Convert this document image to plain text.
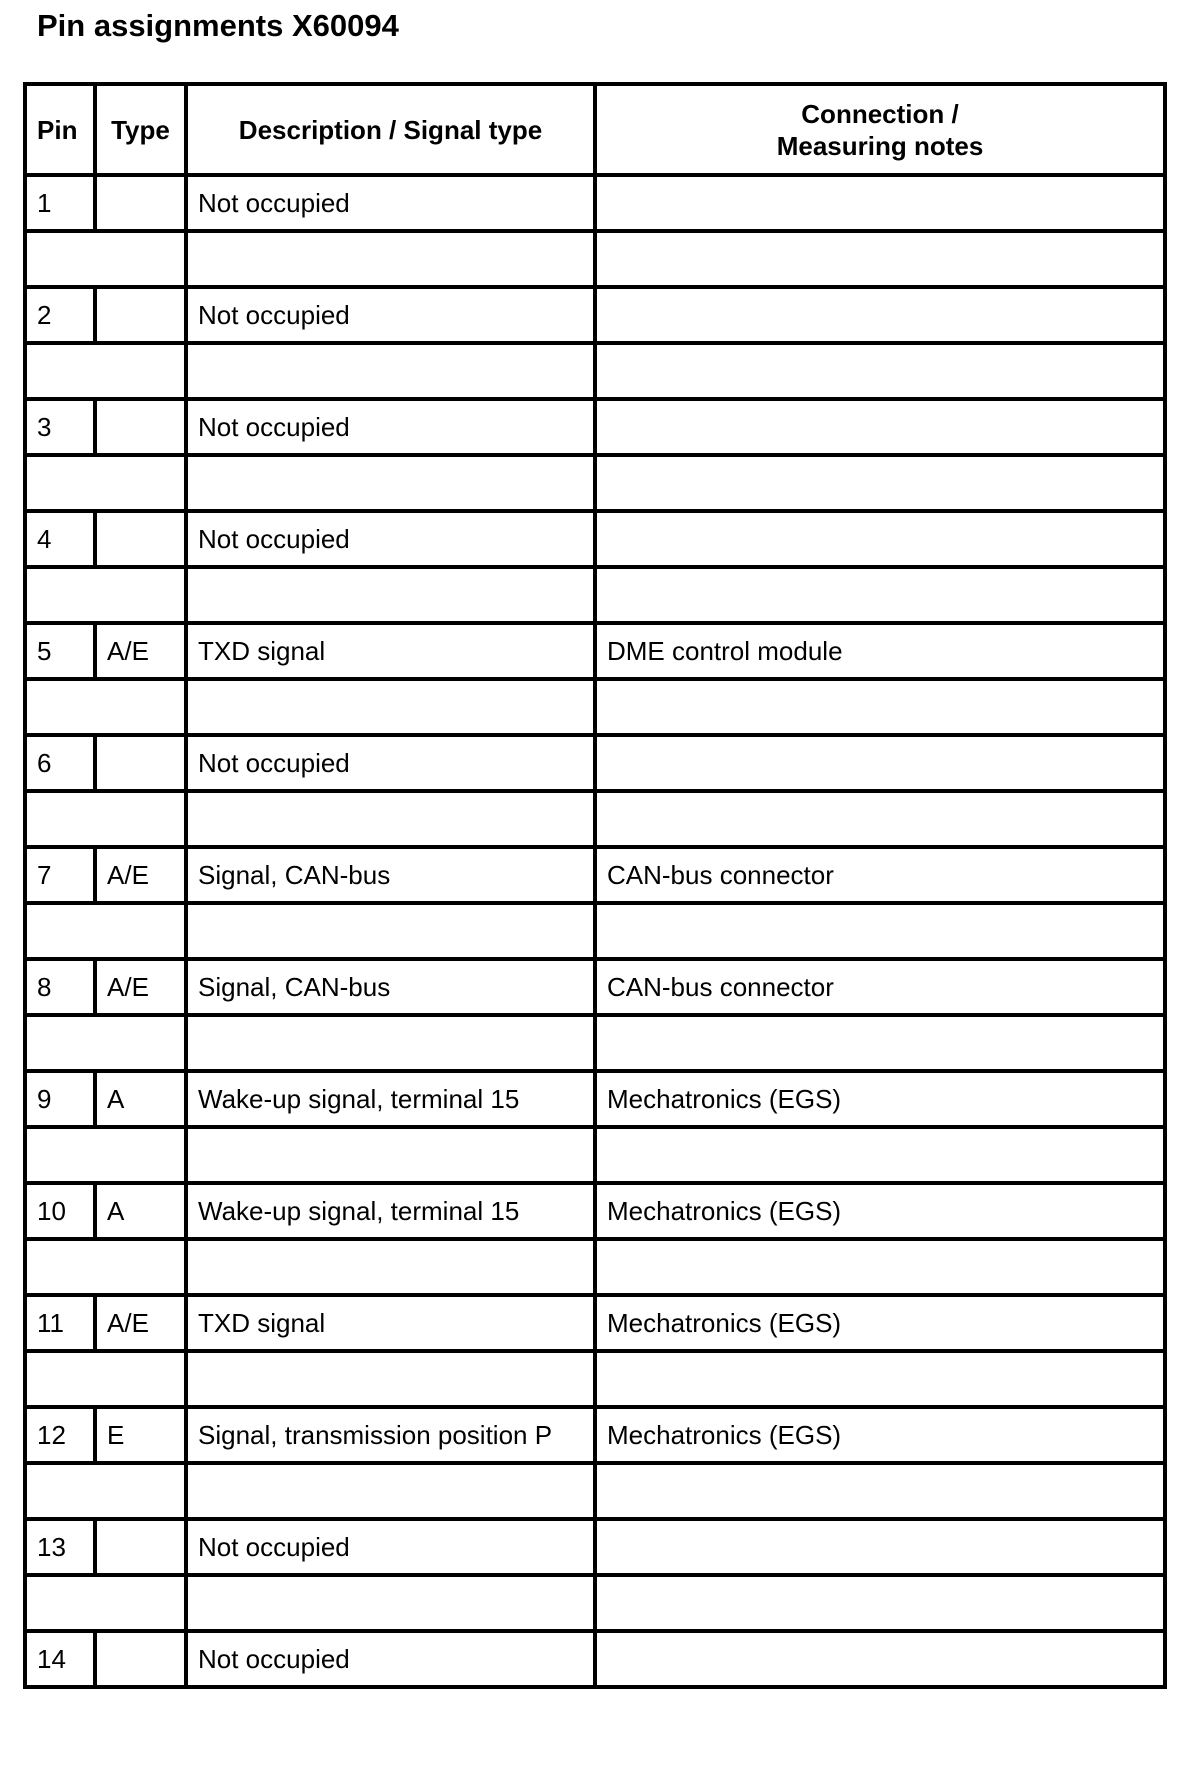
Pin assignments X60094
Pin	Type	Description / Signal type	Connection /
Measuring notes
1		Not occupied	

2		Not occupied	

3		Not occupied	

4		Not occupied	

5	A/E	TXD signal	DME control module

6		Not occupied	

7	A/E	Signal, CAN-bus	CAN-bus connector

8	A/E	Signal, CAN-bus	CAN-bus connector

9	A	Wake-up signal, terminal 15	Mechatronics (EGS)

10	A	Wake-up signal, terminal 15	Mechatronics (EGS)

11	A/E	TXD signal	Mechatronics (EGS)

12	E	Signal, transmission position P	Mechatronics (EGS)

13		Not occupied	

14		Not occupied	
